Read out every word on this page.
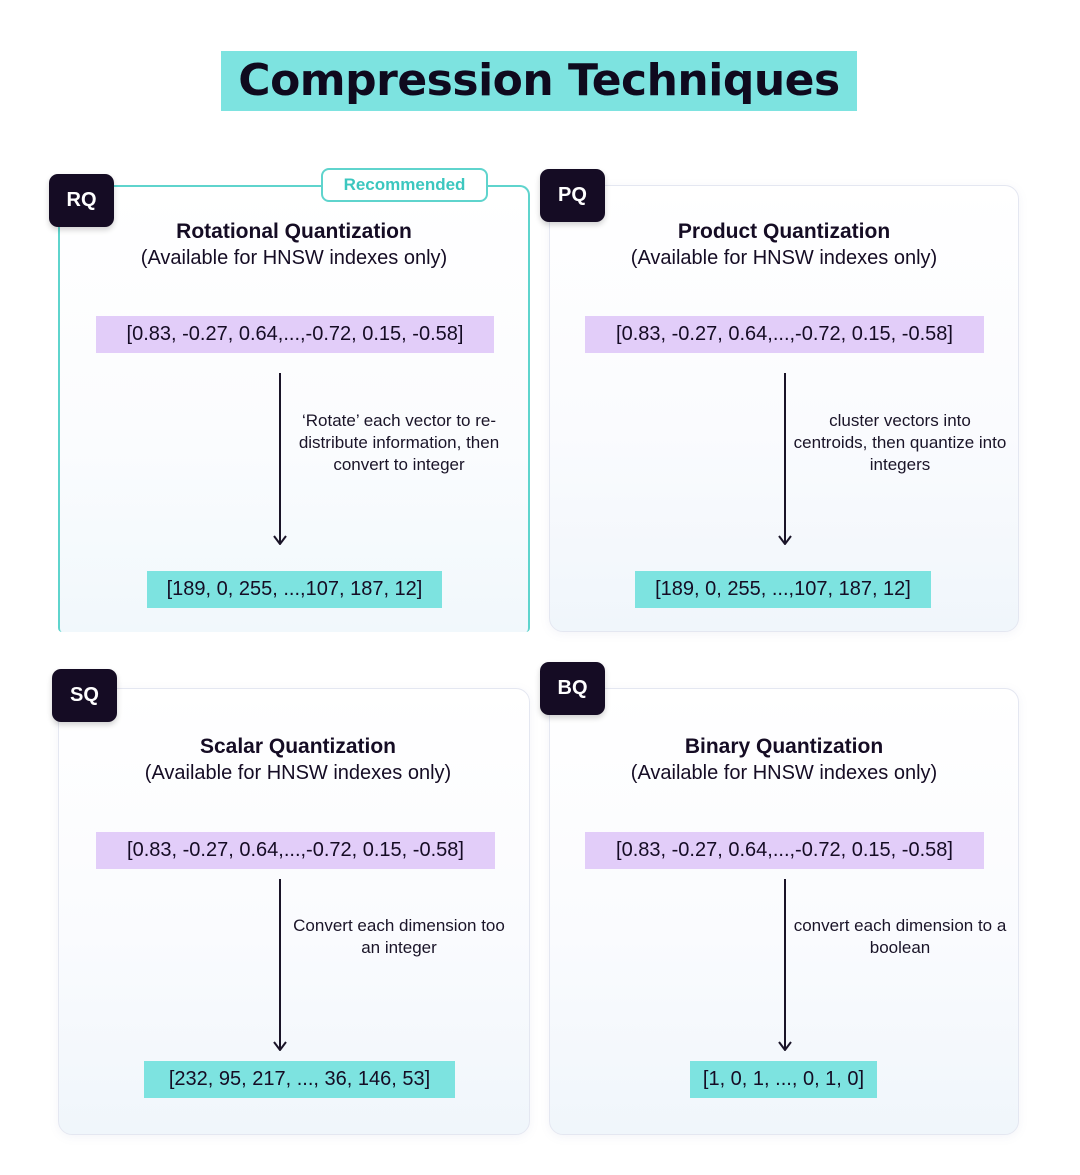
Compression Techniques
RQ
Recommended
Rotational Quantization
(Available for HNSW indexes only)
[0.83, -0.27, 0.64,...,-0.72, 0.15, -0.58]
‘Rotate’ each vector to re-distribute information, then convert to integer
[189, 0, 255, ...,107, 187, 12]
PQ
Product Quantization
(Available for HNSW indexes only)
[0.83, -0.27, 0.64,...,-0.72, 0.15, -0.58]
cluster vectors into centroids, then quantize into integers
[189, 0, 255, ...,107, 187, 12]
SQ
Scalar Quantization
(Available for HNSW indexes only)
[0.83, -0.27, 0.64,...,-0.72, 0.15, -0.58]
Convert each dimension too an integer
[232, 95, 217, ..., 36, 146, 53]
BQ
Binary Quantization
(Available for HNSW indexes only)
[0.83, -0.27, 0.64,...,-0.72, 0.15, -0.58]
convert each dimension to a boolean
[1, 0, 1, ..., 0, 1, 0]
